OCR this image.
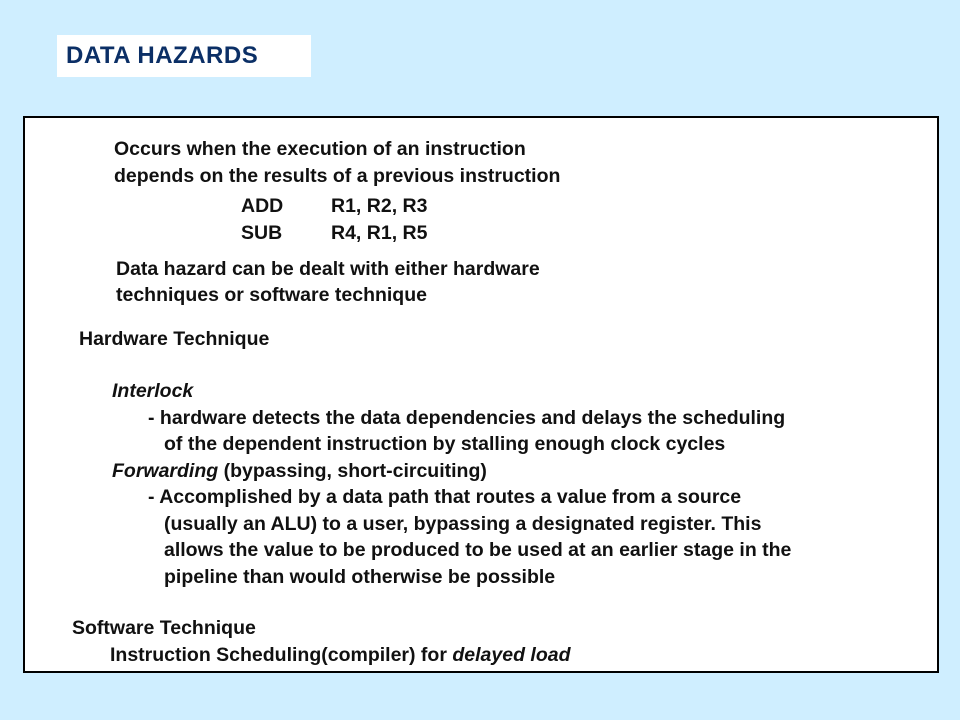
DATA HAZARDS
Occurs when the execution of an instruction
depends on the results of a previous instruction
ADD R1, R2, R3
SUB	R4, R1, R5
Data hazard can be dealt with either hardware
techniques or software technique
Hardware Technique
Interlock
- hardware detects the data dependencies and delays the scheduling
of the dependent instruction by stalling enough clock cycles
Forwarding (bypassing, short-circuiting)
- Accomplished by a data path that routes a value from a source
(usually an ALU) to a user, bypassing a designated register. This
allows the value to be produced to be used at an earlier stage in the
pipeline than would otherwise be possible
Software Technique
Instruction Scheduling(compiler) for delayed load
